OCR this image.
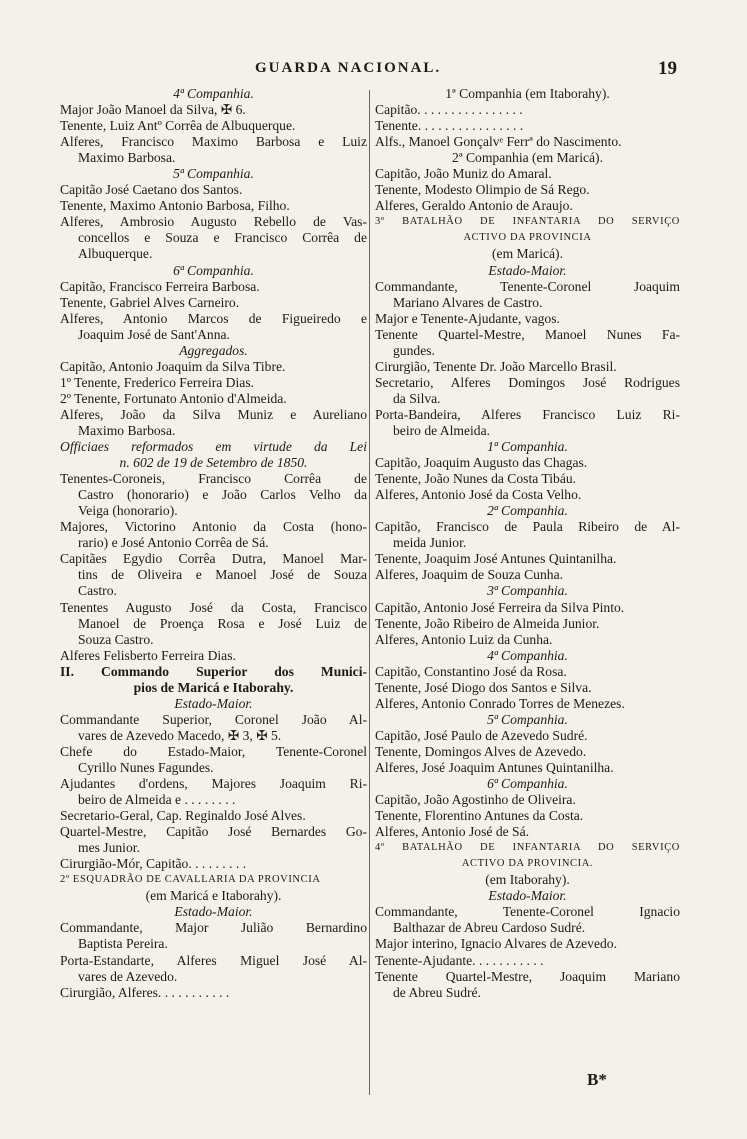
GUARDA NACIONAL.	19
4ª Companhia.
Major João Manoel da Silva, ✠ 6.
Tenente, Luiz Antº Corrêa de Albuquerque.
Alferes, Francisco Maximo Barbosa e Luiz
Maximo Barbosa.
5ª Companhia.
Capitão José Caetano dos Santos.
Tenente, Maximo Antonio Barbosa, Filho.
Alferes, Ambrosio Augusto Rebello de Vas-
concellos e Souza e Francisco Corrêa de
Albuquerque.
6ª Companhia.
Capitão, Francisco Ferreira Barbosa.
Tenente, Gabriel Alves Carneiro.
Alferes, Antonio Marcos de Figueiredo e
Joaquim José de Sant'Anna.
Aggregados.
Capitão, Antonio Joaquim da Silva Tibre.
1º Tenente, Frederico Ferreira Dias.
2º Tenente, Fortunato Antonio d'Almeida.
Alferes, João da Silva Muniz e Aureliano
Maximo Barbosa.
Officiaes reformados em virtude da Lei
n. 602 de 19 de Setembro de 1850.
Tenentes-Coroneis, Francisco Corrêa de
Castro (honorario) e João Carlos Velho da
Veiga (honorario).
Majores, Victorino Antonio da Costa (hono-
rario) e José Antonio Corrêa de Sá.
Capitães Egydio Corrêa Dutra, Manoel Mar-
tins de Oliveira e Manoel José de Souza
Castro.
Tenentes Augusto José da Costa, Francisco
Manoel de Proença Rosa e José Luiz de
Souza Castro.
Alferes Felisberto Ferreira Dias.
II. Commando Superior dos Munici-
pios de Maricá e Itaborahy.
Estado-Maior.
Commandante Superior, Coronel João Al-
vares de Azevedo Macedo, ✠ 3, ✠ 5.
Chefe do Estado-Maior, Tenente-Coronel
Cyrillo Nunes Fagundes.
Ajudantes d'ordens, Majores Joaquim Ri-
beiro de Almeida e . . . . . . . .
Secretario-Geral, Cap. Reginaldo José Alves.
Quartel-Mestre, Capitão José Bernardes Go-
mes Junior.
Cirurgião-Mór, Capitão. . . . . . . . .
2º ESQUADRÃO DE CAVALLARIA DA PROVINCIA
(em Maricá e Itaborahy).
Estado-Maior.
Commandante, Major Julião Bernardino
Baptista Pereira.
Porta-Estandarte, Alferes Miguel José Al-
vares de Azevedo.
Cirurgião, Alferes. . . . . . . . . . .
1ª Companhia (em Itaborahy).
Capitão. . . . . . . . . . . . . . . .
Tenente. . . . . . . . . . . . . . . .
Alfs., Manoel Gonçalvᵉ Ferrª do Nascimento.
2ª Companhia (em Maricá).
Capitão, João Muniz do Amaral.
Tenente, Modesto Olimpio de Sá Rego.
Alferes, Geraldo Antonio de Araujo.
3º BATALHÃO DE INFANTARIA DO SERVIÇO
ACTIVO DA PROVINCIA
(em Maricá).
Estado-Maior.
Commandante, Tenente-Coronel Joaquim
Mariano Alvares de Castro.
Major e Tenente-Ajudante, vagos.
Tenente Quartel-Mestre, Manoel Nunes Fa-
gundes.
Cirurgião, Tenente Dr. João Marcello Brasil.
Secretario, Alferes Domingos José Rodrigues
da Silva.
Porta-Bandeira, Alferes Francisco Luiz Ri-
beiro de Almeida.
1ª Companhia.
Capitão, Joaquim Augusto das Chagas.
Tenente, João Nunes da Costa Tibáu.
Alferes, Antonio José da Costa Velho.
2ª Companhia.
Capitão, Francisco de Paula Ribeiro de Al-
meida Junior.
Tenente, Joaquim José Antunes Quintanilha.
Alferes, Joaquim de Souza Cunha.
3ª Companhia.
Capitão, Antonio José Ferreira da Silva Pinto.
Tenente, João Ribeiro de Almeida Junior.
Alferes, Antonio Luiz da Cunha.
4ª Companhia.
Capitão, Constantino José da Rosa.
Tenente, José Diogo dos Santos e Silva.
Alferes, Antonio Conrado Torres de Menezes.
5ª Companhia.
Capitão, José Paulo de Azevedo Sudré.
Tenente, Domingos Alves de Azevedo.
Alferes, José Joaquim Antunes Quintanilha.
6ª Companhia.
Capitão, João Agostinho de Oliveira.
Tenente, Florentino Antunes da Costa.
Alferes, Antonio José de Sá.
4º BATALHÃO DE INFANTARIA DO SERVIÇO
ACTIVO DA PROVINCIA.
(em Itaborahy).
Estado-Maior.
Commandante, Tenente-Coronel Ignacio
Balthazar de Abreu Cardoso Sudré.
Major interino, Ignacio Alvares de Azevedo.
Tenente-Ajudante. . . . . . . . . . .
Tenente Quartel-Mestre, Joaquim Mariano
de Abreu Sudré.
B*
